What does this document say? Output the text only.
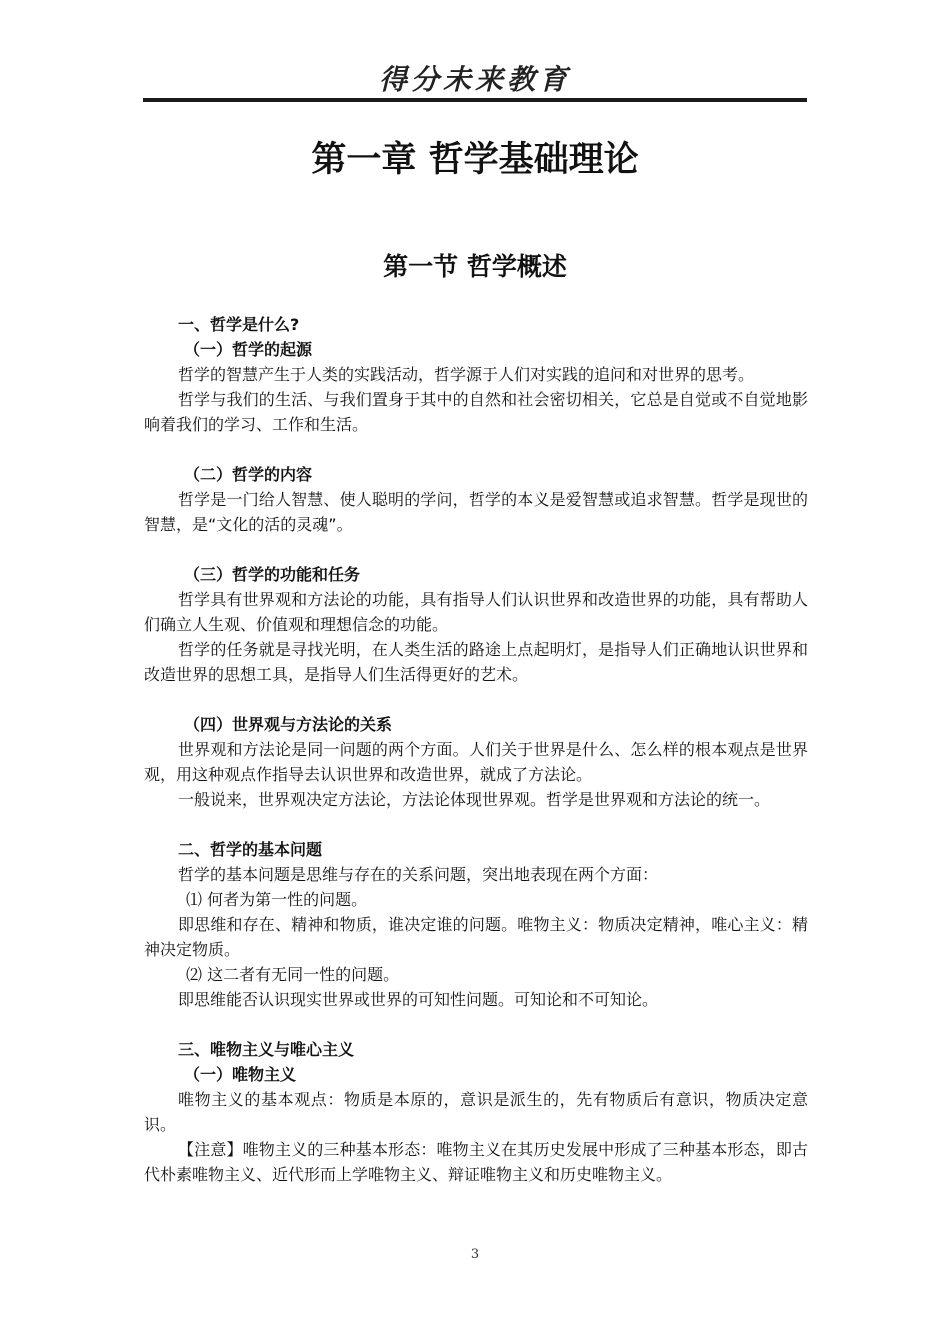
得分未来教育
第一章 哲学基础理论
第一节 哲学概述

一、哲学是什么?

（一）哲学的起源

哲学的智慧产生于人类的实践活动，哲学源于人们对实践的追问和对世界的思考。

哲学与我们的生活、与我们置身于其中的自然和社会密切相关，它总是自觉或不自觉地影响着我们的学习、工作和生活。

（二）哲学的内容

哲学是一门给人智慧、使人聪明的学问，哲学的本义是爱智慧或追求智慧。哲学是现世的智慧，是“文化的活的灵魂”。

（三）哲学的功能和任务

哲学具有世界观和方法论的功能，具有指导人们认识世界和改造世界的功能，具有帮助人们确立人生观、价值观和理想信念的功能。

哲学的任务就是寻找光明，在人类生活的路途上点起明灯，是指导人们正确地认识世界和改造世界的思想工具，是指导人们生活得更好的艺术。

（四）世界观与方法论的关系

世界观和方法论是同一问题的两个方面。人们关于世界是什么、怎么样的根本观点是世界观，用这种观点作指导去认识世界和改造世界，就成了方法论。

一般说来，世界观决定方法论，方法论体现世界观。哲学是世界观和方法论的统一。

二、哲学的基本问题

哲学的基本问题是思维与存在的关系问题，突出地表现在两个方面：

⑴ 何者为第一性的问题。

即思维和存在、精神和物质，谁决定谁的问题。唯物主义：物质决定精神，唯心主义：精神决定物质。

⑵ 这二者有无同一性的问题。

即思维能否认识现实世界或世界的可知性问题。可知论和不可知论。

三、唯物主义与唯心主义

（一）唯物主义

唯物主义的基本观点：物质是本原的，意识是派生的，先有物质后有意识，物质决定意识。

【注意】唯物主义的三种基本形态：唯物主义在其历史发展中形成了三种基本形态，即古代朴素唯物主义、近代形而上学唯物主义、辩证唯物主义和历史唯物主义。

3
